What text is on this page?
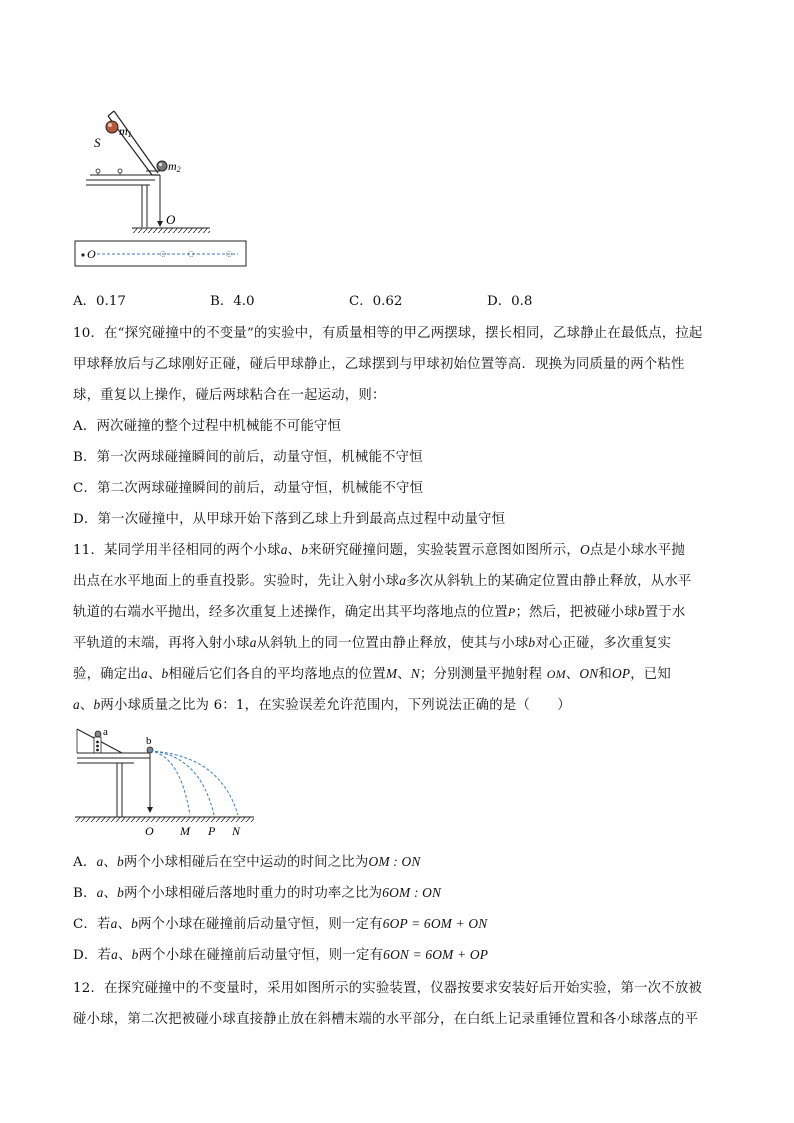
m1
S
m2
O
O
A．0.17	B．4.0	C．0.62	D．0.8
10．在“探究碰撞中的不变量”的实验中，有质量相等的甲乙两摆球，摆长相同，乙球静止在最低点，拉起
甲球释放后与乙球刚好正碰，碰后甲球静止，乙球摆到与甲球初始位置等高．现换为同质量的两个粘性
球，重复以上操作，碰后两球粘合在一起运动，则：
A．两次碰撞的整个过程中机械能不可能守恒
B．第一次两球碰撞瞬间的前后，动量守恒，机械能不守恒
C．第二次两球碰撞瞬间的前后，动量守恒，机械能不守恒
D．第一次碰撞中，从甲球开始下落到乙球上升到最高点过程中动量守恒
11．某同学用半径相同的两个小球a、b来研究碰撞问题，实验装置示意图如图所示，O点是小球水平抛
出点在水平地面上的垂直投影。实验时，先让入射小球a多次从斜轨上的某确定位置由静止释放，从水平
轨道的右端水平抛出，经多次重复上述操作，确定出其平均落地点的位置P；然后，把被碰小球b置于水
平轨道的末端，再将入射小球a从斜轨上的同一位置由静止释放，使其与小球b对心正碰，多次重复实
验，确定出a、b相碰后它们各自的平均落地点的位置M、N；分别测量平抛射程 OM、ON和OP，已知
a、b两小球质量之比为 6：1，在实验误差允许范围内，下列说法正确的是（　　）
a
b
O M P N
A．a、b两个小球相碰后在空中运动的时间之比为OM : ON
B．a、b两个小球相碰后落地时重力的时功率之比为6OM : ON
C．若a、b两个小球在碰撞前后动量守恒，则一定有6OP = 6OM + ON
D．若a、b两个小球在碰撞前后动量守恒，则一定有6ON = 6OM + OP
12．在探究碰撞中的不变量时，采用如图所示的实验装置，仪器按要求安装好后开始实验，第一次不放被
碰小球，第二次把被碰小球直接静止放在斜槽末端的水平部分，在白纸上记录重锤位置和各小球落点的平
